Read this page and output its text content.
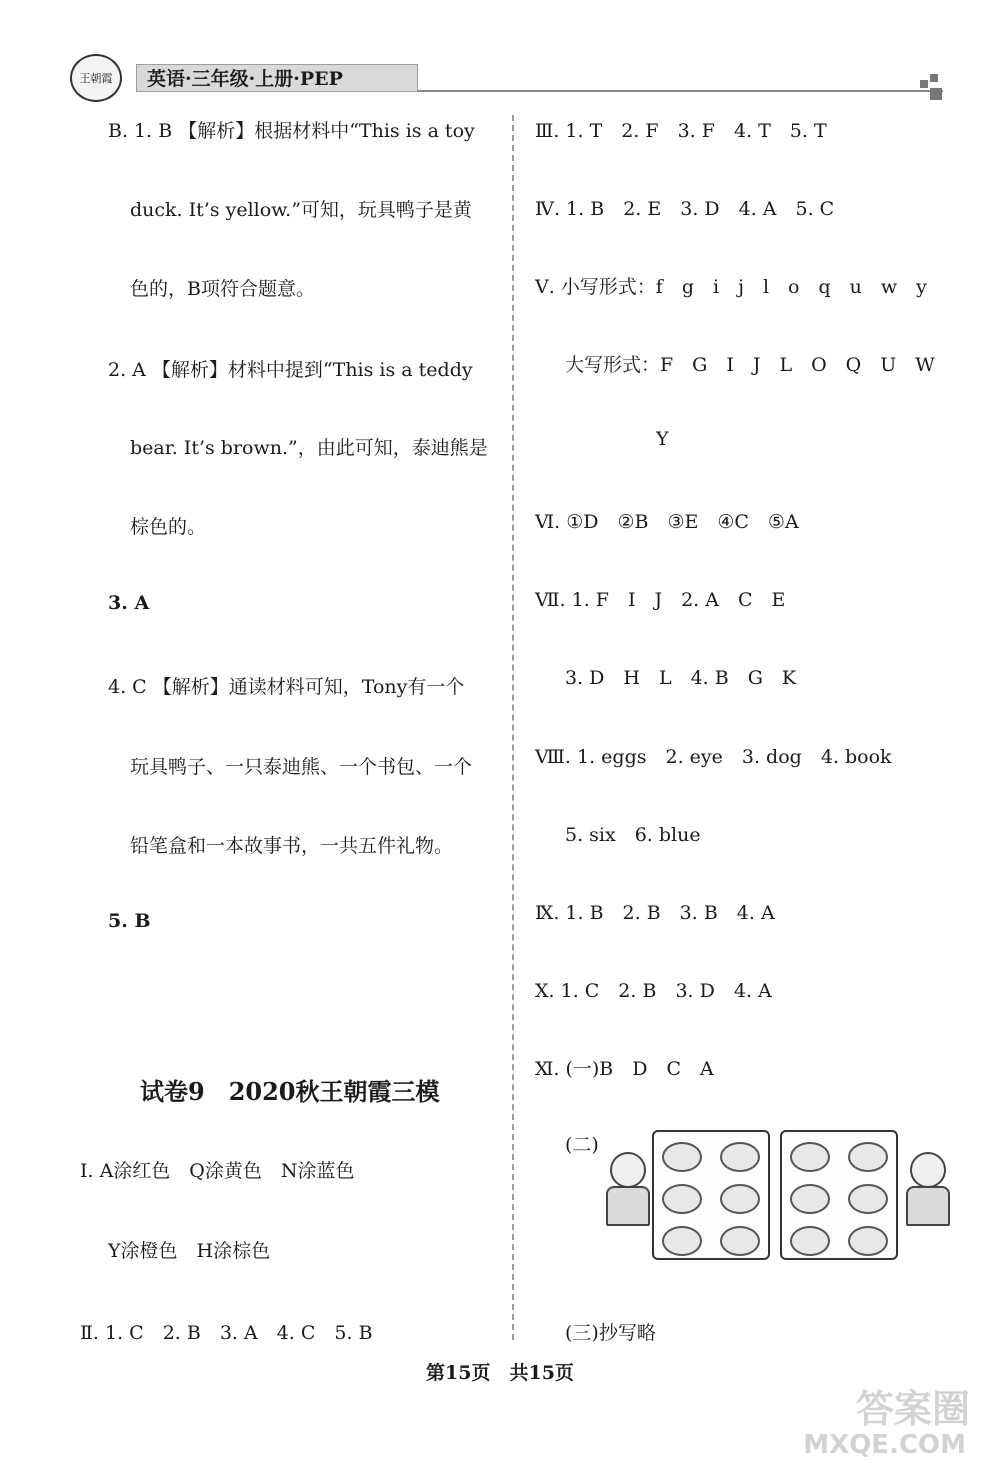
王朝霞	英语·三年级·上册·PEP
B. 1. B 【解析】根据材料中“This is a toy
duck. It’s yellow.”可知，玩具鸭子是黄
色的，B项符合题意。
2. A 【解析】材料中提到“This is a teddy
bear. It’s brown.”，由此可知，泰迪熊是
棕色的。
3. A
4. C 【解析】通读材料可知，Tony有一个
玩具鸭子、一只泰迪熊、一个书包、一个
铅笔盒和一本故事书，一共五件礼物。
5. B
试卷9　2020秋王朝霞三模
Ⅰ. A涂红色　Q涂黄色　N涂蓝色
Y涂橙色　H涂棕色
Ⅱ. 1. C　2. B　3. A　4. C　5. B
Ⅲ. 1. T　2. F　3. F　4. T　5. T
Ⅳ. 1. B　2. E　3. D　4. A　5. C
Ⅴ. 小写形式：f　g　i　j　l　o　q　u　w　y
大写形式：F　G　I　J　L　O　Q　U　W
Y
Ⅵ. ①D　②B　③E　④C　⑤A
Ⅶ. 1. F　I　J　2. A　C　E
3. D　H　L　4. B　G　K
Ⅷ. 1. eggs　2. eye　3. dog　4. book
5. six　6. blue
Ⅸ. 1. B　2. B　3. B　4. A
Ⅹ. 1. C　2. B　3. D　4. A
Ⅺ. (一)B　D　C　A
(二)
(三)抄写略
第15页　共15页
答案圈
MXQE.COM
